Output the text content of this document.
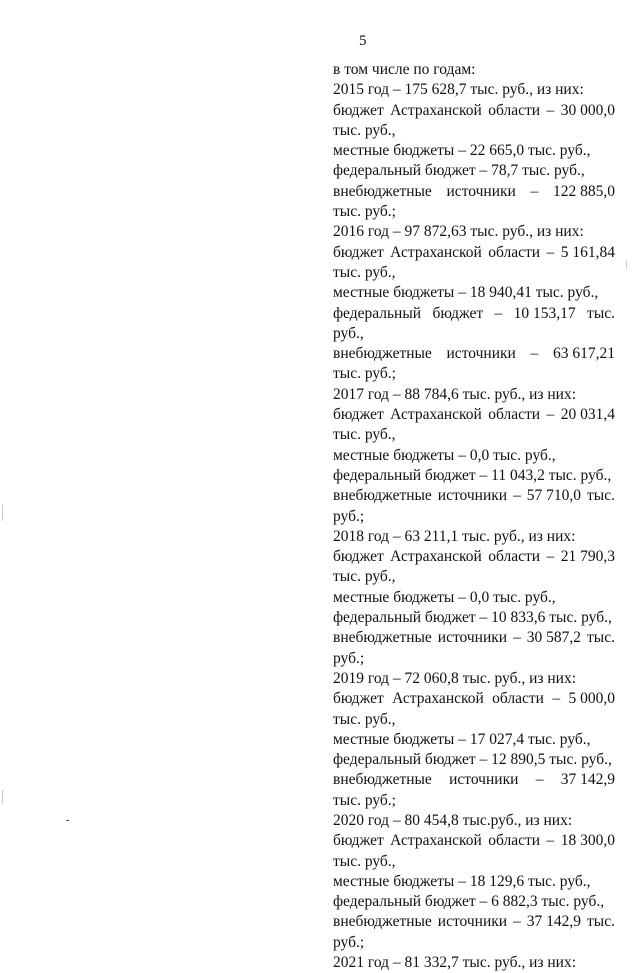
5
в том числе по годам:
2015 год – 175 628,7 тыс. руб., из них:
бюджет Астраханской области – 30 000,0
тыс. руб.,
местные бюджеты – 22 665,0 тыс. руб.,
федеральный бюджет – 78,7 тыс. руб.,
внебюджетные источники – 122 885,0
тыс. руб.;
2016 год – 97 872,63 тыс. руб., из них:
бюджет Астраханской области – 5 161,84
тыс. руб.,
местные бюджеты – 18 940,41 тыс. руб.,
федеральный бюджет – 10 153,17 тыс.
руб.,
внебюджетные источники – 63 617,21
тыс. руб.;
2017 год – 88 784,6 тыс. руб., из них:
бюджет Астраханской области – 20 031,4
тыс. руб.,
местные бюджеты – 0,0 тыс. руб.,
федеральный бюджет – 11 043,2 тыс. руб.,
внебюджетные источники – 57 710,0 тыс.
руб.;
2018 год – 63 211,1 тыс. руб., из них:
бюджет Астраханской области – 21 790,3
тыс. руб.,
местные бюджеты – 0,0 тыс. руб.,
федеральный бюджет – 10 833,6 тыс. руб.,
внебюджетные источники – 30 587,2 тыс.
руб.;
2019 год – 72 060,8 тыс. руб., из них:
бюджет Астраханской области – 5 000,0
тыс. руб.,
местные бюджеты – 17 027,4 тыс. руб.,
федеральный бюджет – 12 890,5 тыс. руб.,
внебюджетные источники – 37 142,9
тыс. руб.;
2020 год – 80 454,8 тыс.руб., из них:
бюджет Астраханской области – 18 300,0
тыс. руб.,
местные бюджеты – 18 129,6 тыс. руб.,
федеральный бюджет – 6 882,3 тыс. руб.,
внебюджетные источники – 37 142,9 тыс.
руб.;
2021 год – 81 332,7 тыс. руб., из них:
